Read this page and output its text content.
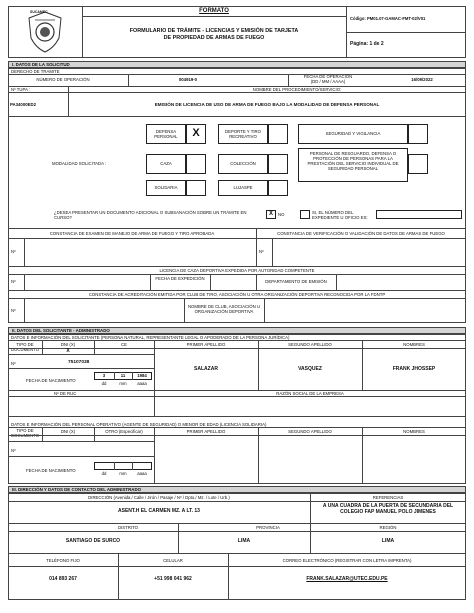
SUCAMEC	FORMATO
FORMULARIO DE TRÁMITE - LICENCIAS Y EMISIÓN DE TARJETA
DE PROPIEDAD DE ARMAS DE FUEGO
Código: PM01.07-GAMAC-FMT-02/V01
Página: 1 de 2
I. DATOS DE LA SOLICITUD
DERECHO DE TRAMITE
NÚMERO DE OPERACIÓN	004919-0
FECHA DE OPERACIÓN
(DD / MM / AAAA)	16/09/2022
Nº TUPA :	NOMBRE DEL PROCEDIMIENTO/SERVICIO:
PA34000ED2	EMISIÓN DE LICENCIA DE USO DE ARMA DE FUEGO BAJO LA MODALIDAD DE DEFENSA PERSONAL
MODALIDAD SOLICITADA :
DEFENSA PERSONAL	X	DEPORTE Y TIRO RECREATIVO
SEGURIDAD Y VIGILANCIA
CAZA	COLECCIÓN
PERSONAL DE RESGUARDO, DEFENSA O PROTECCIÓN DE PERSONAS PARA LA PRESTACIÓN DEL SERVICIO INDIVIDUAL DE SEGURIDAD PERSONAL
SOLIDARIA	LUJASPE
¿DESEA PRESENTAR UN DOCUMENTO ADICIONAL O SUBSANACIÓN SOBRE UN TRÁMITE EN CURSO?
X	NO	SI, EL NÚMERO DEL EXPEDIENTE U OFICIO ES:
CONSTANCIA DE EXAMEN DE MANEJO DE ARMA DE FUEGO Y TIRO APROBADA	CONSTANCIA DE VERIFICACIÓN O VALIDACIÓN DE DATOS DE ARMAS DE FUEGO
Nº	Nº
LICENCIA DE CAZA DEPORTIVA EXPEDIDA POR AUTORIDAD COMPETENTE
Nº
FECHA DE EXPEDICIÓN
DEPARTAMENTO DE EMISIÓN
CONSTANCIA DE ACREDITACIÓN EMITIDA POR CLUB DE TIRO, ASOCIACIÓN U OTRA ORGANIZACIÓN DEPORTIVA RECONOCIDA POR LA FDNTP
Nº
NOMBRE DE CLUB, ASOCIACIÓN U ORGANIZACIÓN DEPORTIVA
II. DATOS DEL SOLICITANTE - ADMINISTRADO
DATOS E INFORMACIÓN DEL SOLICITANTE (PERSONA NATURAL, REPRESENTANTE LEGAL O APODERADO DE LA PERSONA JURÍDICA)
TIPO DE DOCUMENTO
DNI (X)	CE	PRIMER APELLIDO	SEGUNDO APELLIDO	NOMBRES
X
Nº	75107038
FECHA DE NACIMIENTO
3	11	1984
dd	mm	aaaa
SALAZAR	VASQUEZ	FRANK JHOSSEP
Nº DE RUC	RAZÓN SOCIAL DE LA EMPRESA
DATOS E INFORMACIÓN DEL PERSONAL OPERATIVO (AGENTE DE SEGURIDAD) O MENOR DE EDAD (LICENCIA SOLIDARIA)
TIPO DE DOCUMENTO
DNI (X)	OTRO (Especificar)	PRIMER APELLIDO	SEGUNDO APELLIDO	NOMBRES
Nº
FECHA DE NACIMIENTO
dd	mm	aaaa
III. DIRECCIÓN Y DATOS DE CONTACTO DEL ADMINISTRADO
DIRECCIÓN (Avenida / Calle / Jirón / Pasaje / Nº / Dpto./ Mz. / Lote / Urb.)	REFERENCIAS
ASENT.H EL CARMEN MZ. A LT. 13
A UNA CUADRA DE LA PUERTA DE SECUNDARIA DEL COLEGIO FAP MANUEL POLO JIMENES
DISTRITO	PROVINCIA	REGIÓN
SANTIAGO DE SURCO	LIMA	LIMA
TELÉFONO FIJO	CELULAR	CORREO ELECTRÓNICO (REGISTRAR CON LETRA IMPRENTA)
014 893 267	+51 998 041 962	FRANK.SALAZAR@UTEC.EDU.PE
